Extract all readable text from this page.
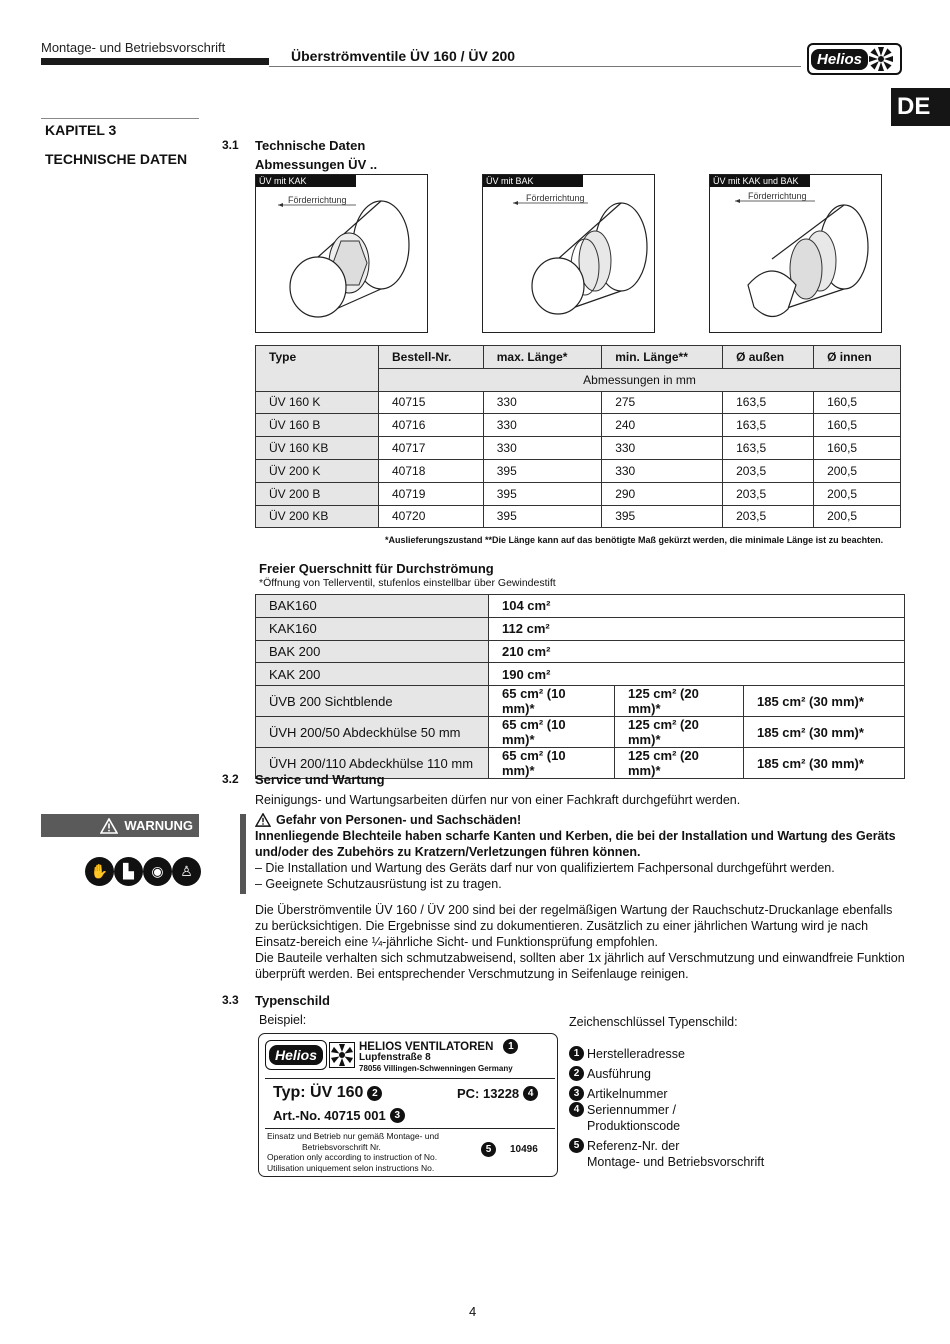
Montage- und Betriebsvorschrift
Überströmventile ÜV 160 / ÜV 200	Helios
DE
KAPITEL 3
TECHNISCHE DATEN
3.1 Technische Daten
Abmessungen ÜV ..
ÜV mit KAK
Förderrichtung
ÜV mit BAK
Förderrichtung
ÜV mit KAK und BAK
Förderrichtung
Type	Bestell-Nr.	max. Länge*	min. Länge**	Ø außen	Ø innen
	Abmessungen in mm				
ÜV 160 K	40715	330	275	163,5	160,5
ÜV 160 B	40716	330	240	163,5	160,5
ÜV 160 KB	40717	330	330	163,5	160,5
ÜV 200 K	40718	395	330	203,5	200,5
ÜV 200 B	40719	395	290	203,5	200,5
ÜV 200 KB	40720	395	395	203,5	200,5
*Auslieferungszustand **Die Länge kann auf das benötigte Maß gekürzt werden, die minimale Länge ist zu beachten.
Freier Querschnitt für Durchströmung
*Öffnung von Tellerventil, stufenlos einstellbar über Gewindestift
BAK160	104 cm²		
KAK160	112 cm²		
BAK 200	210 cm²		
KAK 200	190 cm²		
ÜVB 200 Sichtblende	65 cm² (10 mm)*	125 cm² (20 mm)*	185 cm² (30 mm)*
ÜVH 200/50 Abdeckhülse 50 mm	65 cm² (10 mm)*	125 cm² (20 mm)*	185 cm² (30 mm)*
ÜVH 200/110 Abdeckhülse 110 mm	65 cm² (10 mm)*	125 cm² (20 mm)*	185 cm² (30 mm)*
3.2 Service und Wartung
Reinigungs- und Wartungsarbeiten dürfen nur von einer Fachkraft durchgeführt werden.
WARNUNG
✋	▙	◉	♙
Gefahr von Personen- und Sachschäden!
Innenliegende Blechteile haben scharfe Kanten und Kerben, die bei der Installation und Wartung des Geräts und/oder des Zubehörs zu Kratzern/Verletzungen führen können.
– Die Installation und Wartung des Geräts darf nur von qualifiziertem Fachpersonal durchgeführt werden.
– Geeignete Schutzausrüstung ist zu tragen.
Die Überströmventile ÜV 160 / ÜV 200 sind bei der regelmäßigen Wartung der Rauchschutz-Druckanlage ebenfalls zu berücksichtigen. Die Ergebnisse sind zu dokumentieren. Zusätzlich zu einer jährlichen Wartung wird je nach Einsatz-bereich eine ¼-jährliche Sicht- und Funktionsprüfung empfohlen.
Die Bauteile verhalten sich schmutzabweisend, sollten aber 1x jährlich auf Verschmutzung und einwandfreie Funktion überprüft werden. Bei entsprechender Verschmutzung in Seifenlauge reinigen.
3.3 Typenschild
Beispiel:	Zeichenschlüssel Typenschild:
Helios
HELIOS VENTILATOREN	1
Lupfenstraße 8
78056 Villingen-Schwenningen Germany
Typ: ÜV 160 2	PC: 13228 4
Art.-No. 40715 001 3
Einsatz und Betrieb nur gemäß Montage- und
Betriebsvorschrift Nr.
Operation only according to instruction of No.
Utilisation uniquement selon instructions No.
5	10496
1 Herstelleradresse
2 Ausführung
3 Artikelnummer
4 Seriennummer /
Produktionscode
5 Referenz-Nr. der
Montage- und Betriebsvorschrift
4
